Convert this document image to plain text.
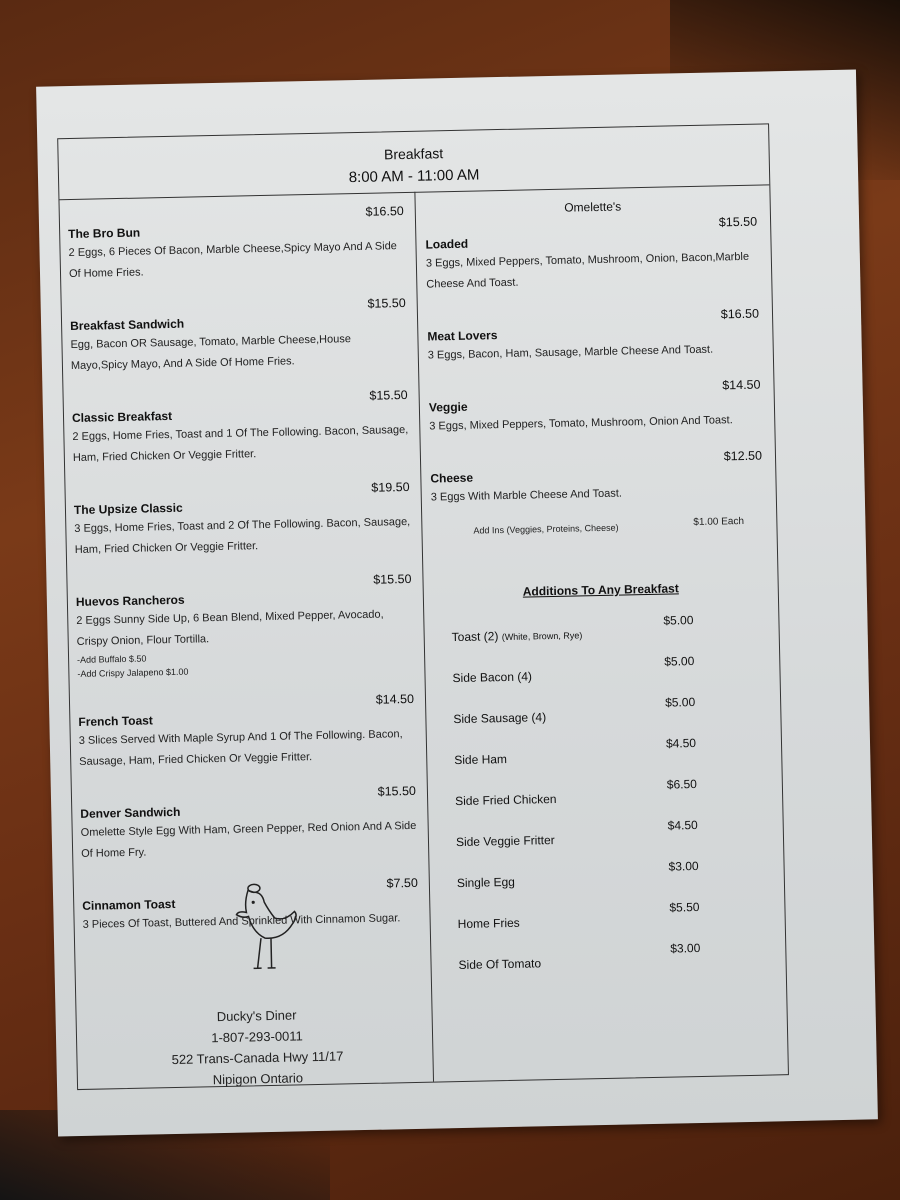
Breakfast
8:00 AM - 11:00 AM
The Bro Bun
$16.50
2 Eggs, 6 Pieces Of Bacon, Marble Cheese,Spicy Mayo And A Side Of Home Fries.
Breakfast Sandwich
$15.50
Egg, Bacon OR Sausage, Tomato, Marble Cheese,House Mayo,Spicy Mayo, And A Side Of Home Fries.
Classic Breakfast
$15.50
2 Eggs, Home Fries, Toast and 1 Of The Following. Bacon, Sausage, Ham, Fried Chicken Or Veggie Fritter.
The Upsize Classic
$19.50
3 Eggs, Home Fries, Toast and 2 Of The Following. Bacon, Sausage, Ham, Fried Chicken Or Veggie Fritter.
Huevos Rancheros
$15.50
2 Eggs Sunny Side Up, 6 Bean Blend, Mixed Pepper, Avocado, Crispy Onion, Flour Tortilla.
-Add Buffalo $.50
-Add Crispy Jalapeno $1.00
French Toast
$14.50
3 Slices Served With Maple Syrup And 1 Of The Following. Bacon, Sausage, Ham, Fried Chicken Or Veggie Fritter.
Denver Sandwich
$15.50
Omelette Style Egg With Ham, Green Pepper, Red Onion And A Side Of Home Fry.
Cinnamon Toast
$7.50
3 Pieces Of Toast, Buttered And Sprinkled With Cinnamon Sugar.
Ducky's Diner
1-807-293-0011
522 Trans-Canada Hwy 11/17
Nipigon Ontario
Omelette's
Loaded
$15.50
3 Eggs, Mixed Peppers, Tomato, Mushroom, Onion, Bacon,Marble Cheese And Toast.
Meat Lovers
$16.50
3 Eggs, Bacon, Ham, Sausage, Marble Cheese And Toast.
Veggie
$14.50
3 Eggs, Mixed Peppers, Tomato, Mushroom, Onion And Toast.
Cheese
$12.50
3 Eggs With Marble Cheese And Toast.
Add Ins (Veggies, Proteins, Cheese)
$1.00 Each
Additions To Any Breakfast
Toast (2) (White, Brown, Rye)
$5.00
Side Bacon (4)
$5.00
Side Sausage (4)
$5.00
Side Ham
$4.50
Side Fried Chicken
$6.50
Side Veggie Fritter
$4.50
Single Egg
$3.00
Home Fries
$5.50
Side Of Tomato
$3.00
